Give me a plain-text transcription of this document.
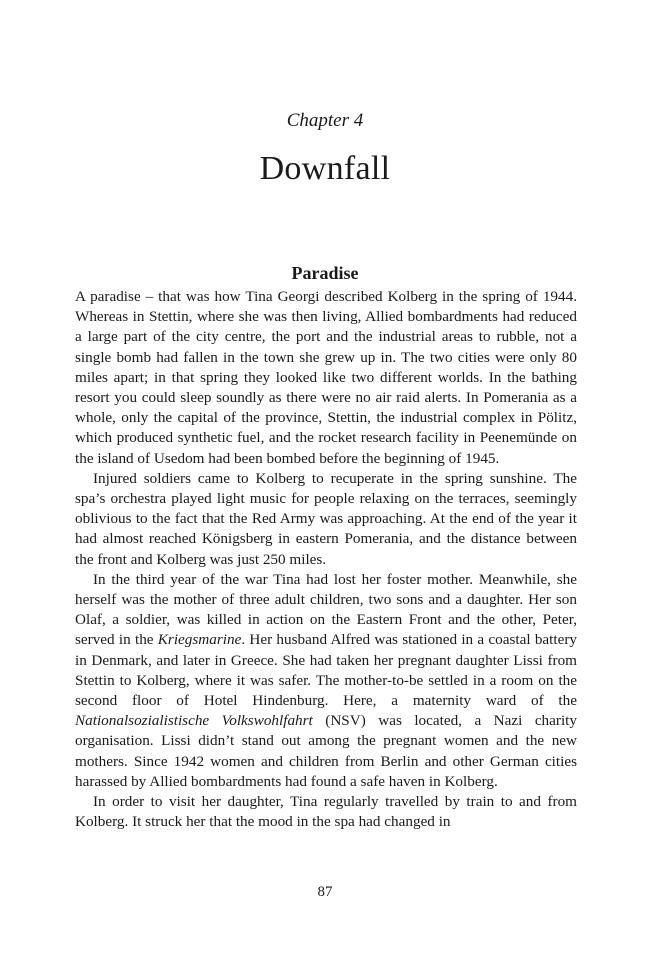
Chapter 4
Downfall
Paradise

A paradise – that was how Tina Georgi described Kolberg in the spring of 1944. Whereas in Stettin, where she was then living, Allied bombardments had reduced a large part of the city centre, the port and the industrial areas to rubble, not a single bomb had fallen in the town she grew up in. The two cities were only 80 miles apart; in that spring they looked like two different worlds. In the bathing resort you could sleep soundly as there were no air raid alerts. In Pomerania as a whole, only the capital of the province, Stettin, the industrial complex in Pölitz, which produced synthetic fuel, and the rocket research facility in Peenemünde on the island of Usedom had been bombed before the beginning of 1945.

Injured soldiers came to Kolberg to recuperate in the spring sunshine. The spa’s orchestra played light music for people relaxing on the terraces, seemingly oblivious to the fact that the Red Army was approaching. At the end of the year it had almost reached Königsberg in eastern Pomerania, and the distance between the front and Kolberg was just 250 miles.

In the third year of the war Tina had lost her foster mother. Meanwhile, she herself was the mother of three adult children, two sons and a daughter. Her son Olaf, a soldier, was killed in action on the Eastern Front and the other, Peter, served in the Kriegsmarine. Her husband Alfred was stationed in a coastal battery in Denmark, and later in Greece. She had taken her pregnant daughter Lissi from Stettin to Kolberg, where it was safer. The mother-to-be settled in a room on the second floor of Hotel Hindenburg. Here, a maternity ward of the Nationalsozialistische Volkswohlfahrt (NSV) was located, a Nazi charity organisation. Lissi didn’t stand out among the pregnant women and the new mothers. Since 1942 women and children from Berlin and other German cities harassed by Allied bombardments had found a safe haven in Kolberg.

In order to visit her daughter, Tina regularly travelled by train to and from Kolberg. It struck her that the mood in the spa had changed in

87
